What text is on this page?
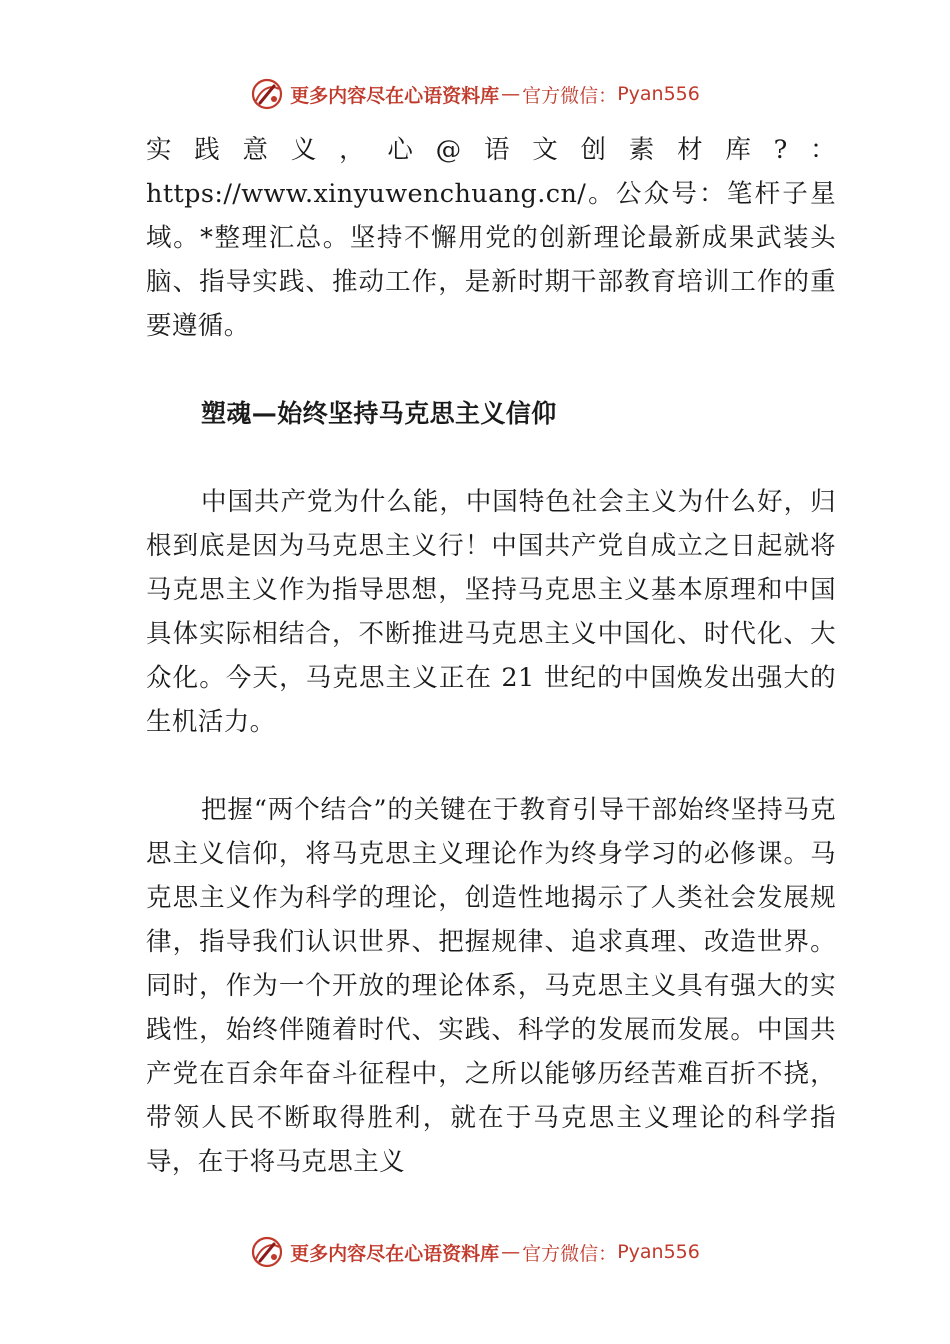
更多内容尽在心语资料库 — 官方微信： Pyan556

实践意义，心@语文创素材库?：https://www.xinyuwenchuang.cn/。公众号：笔杆子星域。*整理汇总。坚持不懈用党的创新理论最新成果武装头脑、指导实践、推动工作，是新时期干部教育培训工作的重要遵循。

塑魂—始终坚持马克思主义信仰

中国共产党为什么能，中国特色社会主义为什么好，归根到底是因为马克思主义行！中国共产党自成立之日起就将马克思主义作为指导思想，坚持马克思主义基本原理和中国具体实际相结合，不断推进马克思主义中国化、时代化、大众化。今天，马克思主义正在 21 世纪的中国焕发出强大的生机活力。

把握“两个结合”的关键在于教育引导干部始终坚持马克思主义信仰，将马克思主义理论作为终身学习的必修课。马克思主义作为科学的理论，创造性地揭示了人类社会发展规律，指导我们认识世界、把握规律、追求真理、改造世界。同时，作为一个开放的理论体系，马克思主义具有强大的实践性，始终伴随着时代、实践、科学的发展而发展。中国共产党在百余年奋斗征程中，之所以能够历经苦难百折不挠，带领人民不断取得胜利，就在于马克思主义理论的科学指导，在于将马克思主义

更多内容尽在心语资料库 — 官方微信： Pyan556
